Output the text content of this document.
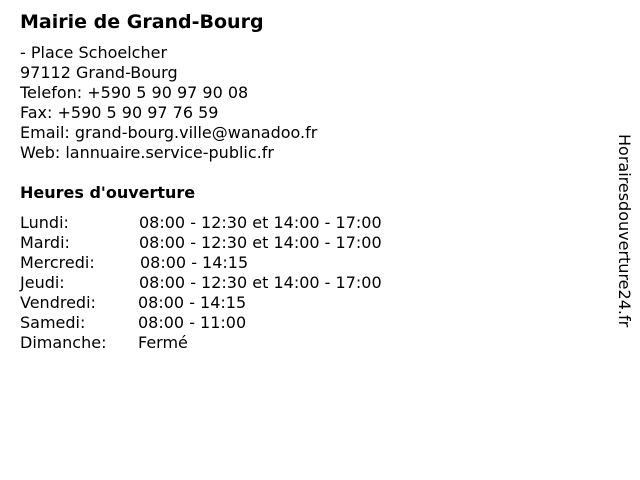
Mairie de Grand-Bourg
- Place Schoelcher
97112 Grand-Bourg
Telefon: +590 5 90 97 90 08
Fax: +590 5 90 97 76 59
Email: grand-bourg.ville@wanadoo.fr
Web: lannuaire.service-public.fr
Heures d'ouverture
Lundi:	08:00 - 12:30 et 14:00 - 17:00
Mardi:	08:00 - 12:30 et 14:00 - 17:00
Mercredi:	08:00 - 14:15
Jeudi:	08:00 - 12:30 et 14:00 - 17:00
Vendredi:	08:00 - 14:15
Samedi:	08:00 - 11:00
Dimanche: Fermé
Horairesdouverture24.fr
